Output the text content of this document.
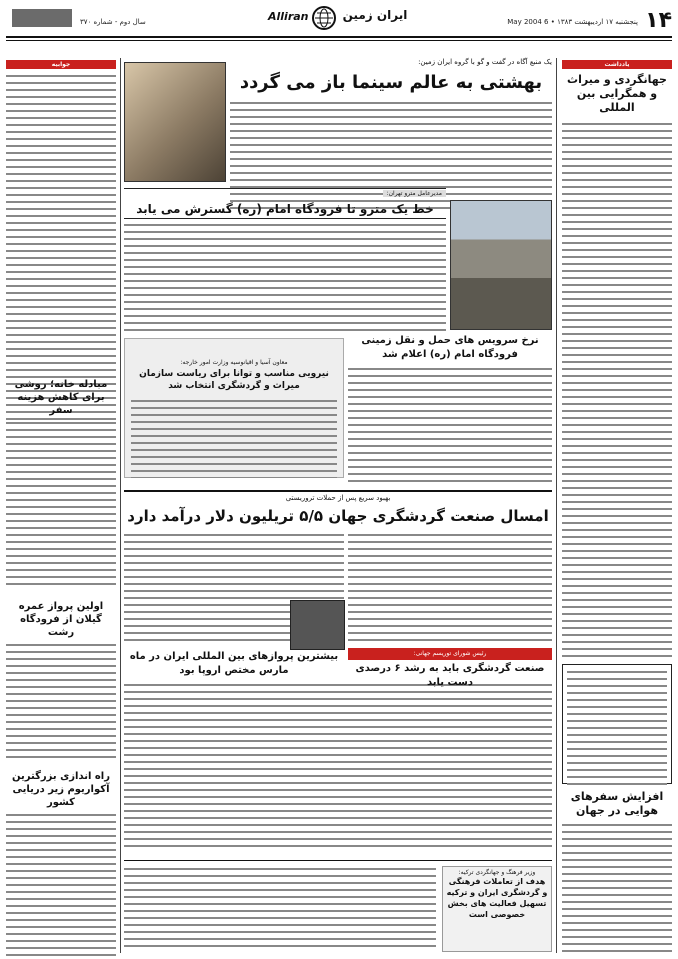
۱۴
پنجشنبه ۱۷ اردیبهشت ۱۳۸۳ • 6 May 2004
Alliran	ایران زمین
سال دوم - شماره ۳۷۰
یادداشت
جهانگردی و میراث و همگرایی بین المللی
افزایش سفرهای هوایی در جهان
جوابیه
مبادله خانه؛ روشی برای کاهش هزینه سفر
اولین پرواز عمره گیلان از فرودگاه رشت
راه اندازی بزرگترین آکواریوم زیر دریایی کشور
یک منبع آگاه در گفت و گو با گروه ایران زمین:
بهشتی به عالم سینما باز می گردد
مدیرعامل مترو تهران:
خط یک مترو تا فرودگاه امام (ره) گسترش می یابد
نرخ سرویس های حمل و نقل زمینی فرودگاه امام (ره) اعلام شد
معاون آسیا و اقیانوسیه وزارت امور خارجه:
نیرویی مناسب و توانا برای ریاست سازمان میراث و گردشگری انتخاب شد
بهبود سریع پس از حملات تروریستی
امسال صنعت گردشگری جهان ۵/۵ تریلیون دلار درآمد دارد
بیشترین پروازهای بین المللی ایران در ماه مارس مختص اروپا بود
رئیس شورای توریسم جهانی:
صنعت گردشگری باید به رشد ۶ درصدی دست یابد
وزیر فرهنگ و جهانگردی ترکیه:
هدف از تعاملات فرهنگی و گردشگری ایران و ترکیه تسهیل فعالیت های بخش خصوصی است
